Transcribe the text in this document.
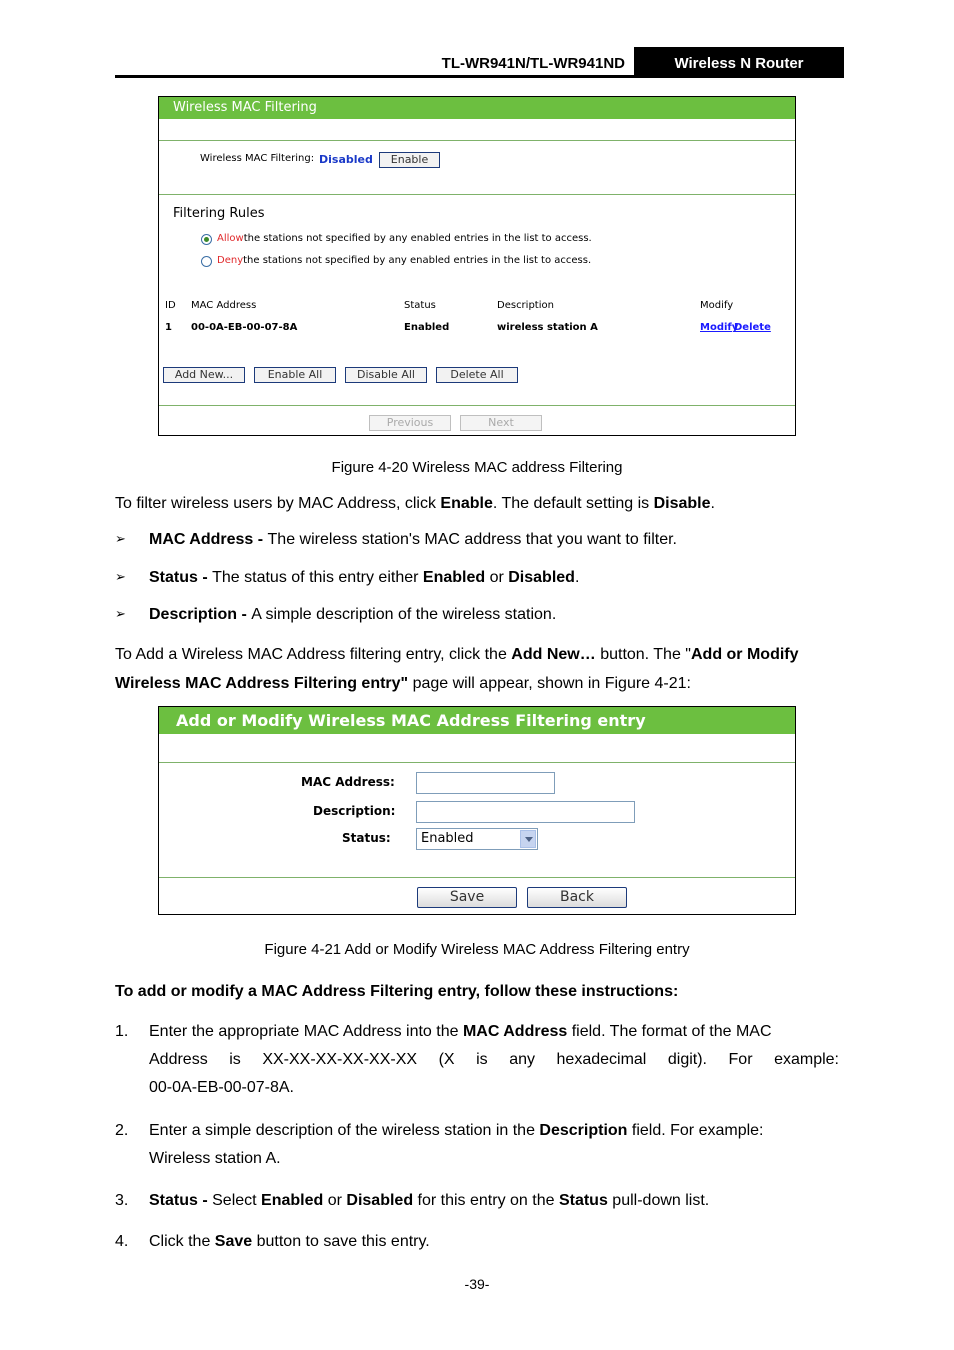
TL-WR941N/TL-WR941ND	Wireless N Router
Wireless MAC Filtering
Wireless MAC Filtering: Disabled	Enable
Filtering Rules
Allowthe stations not specified by any enabled entries in the list to access.
Denythe stations not specified by any enabled entries in the list to access.
ID MAC Address	Status	Description	Modify
1 00-0A-EB-00-07-8A	Enabled	wireless station A	Modify
Delete
Add New...	Enable All	Disable All	Delete All
Previous	Next
Figure 4-20 Wireless MAC address Filtering
To filter wireless users by MAC Address, click Enable. The default setting is Disable.
➢ MAC Address - The wireless station's MAC address that you want to filter.
➢ Status - The status of this entry either Enabled or Disabled.
➢ Description - A simple description of the wireless station.
To Add a Wireless MAC Address filtering entry, click the Add New… button. The "Add or Modify
Wireless MAC Address Filtering entry" page will appear, shown in Figure 4-21:
Add or Modify Wireless MAC Address Filtering entry
MAC Address:
Description:
Status:	Enabled
Save	Back
Figure 4-21 Add or Modify Wireless MAC Address Filtering entry
To add or modify a MAC Address Filtering entry, follow these instructions:
1. Enter the appropriate MAC Address into the MAC Address field. The format of the MAC
Address is XX-XX-XX-XX-XX-XX (X is any hexadecimal digit). For example:
00-0A-EB-00-07-8A.
2. Enter a simple description of the wireless station in the Description field. For example:
Wireless station A.
3. Status - Select Enabled or Disabled for this entry on the Status pull-down list.
4. Click the Save button to save this entry.
-39-
